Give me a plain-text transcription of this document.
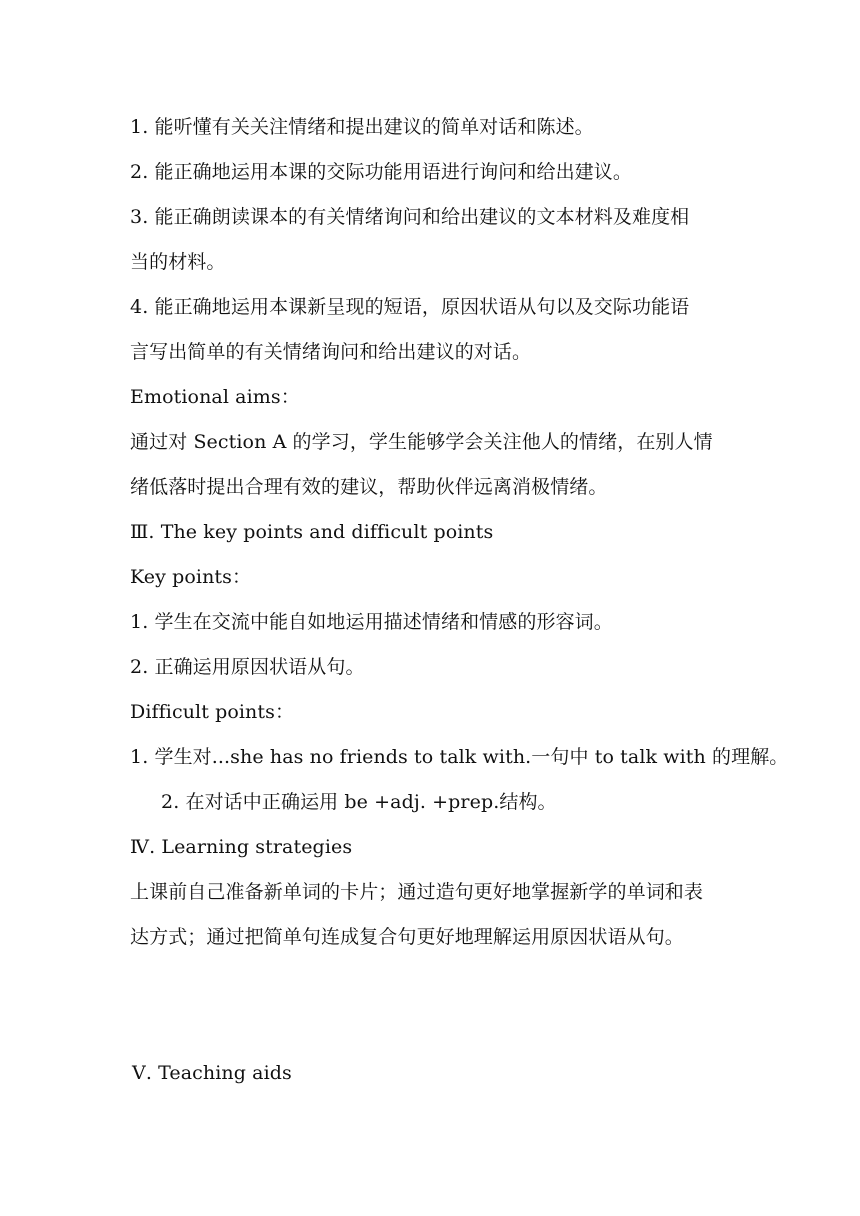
1. 能听懂有关关注情绪和提出建议的简单对话和陈述。
2. 能正确地运用本课的交际功能用语进行询问和给出建议。
3. 能正确朗读课本的有关情绪询问和给出建议的文本材料及难度相
当的材料。
4. 能正确地运用本课新呈现的短语，原因状语从句以及交际功能语
言写出简单的有关情绪询问和给出建议的对话。
Emotional aims：
通过对 Section A 的学习，学生能够学会关注他人的情绪，在别人情
绪低落时提出合理有效的建议，帮助伙伴远离消极情绪。
Ⅲ. The key points and difficult points
Key points：
1. 学生在交流中能自如地运用描述情绪和情感的形容词。
2. 正确运用原因状语从句。
Difficult points：
1. 学生对...she has no friends to talk with.一句中 to talk with 的理解。
2. 在对话中正确运用 be +adj. +prep.结构。
Ⅳ. Learning strategies
上课前自己准备新单词的卡片；通过造句更好地掌握新学的单词和表
达方式；通过把简单句连成复合句更好地理解运用原因状语从句。
Ⅴ. Teaching aids
